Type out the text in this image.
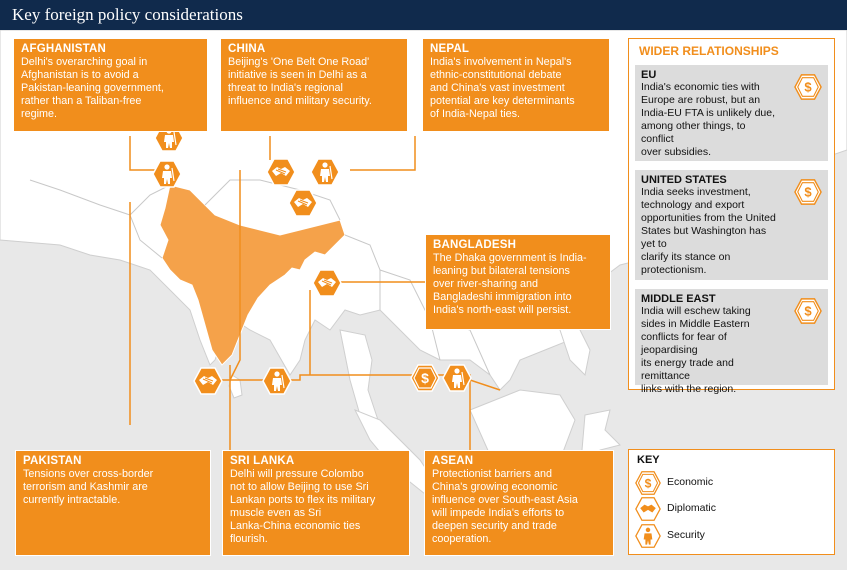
Key foreign policy considerations
AFGHANISTAN
Delhi's overarching goal in
Afghanistan is to avoid a
Pakistan-leaning government,
rather than a Taliban-free
regime.
CHINA
Beijing's 'One Belt One Road'
initiative is seen in Delhi as a
threat to India's regional
influence and military security.
NEPAL
India's involvement in Nepal's
ethnic-constitutional debate
and China's vast investment
potential are key determinants
of India-Nepal ties.
BANGLADESH
The Dhaka government is India-
leaning but bilateral tensions
over river-sharing and
Bangladeshi immigration into
India's north-east will persist.
PAKISTAN
Tensions over cross-border
terrorism and Kashmir are
currently intractable.
SRI LANKA
Delhi will pressure Colombo
not to allow Beijing to use Sri
Lankan ports to flex its military
muscle even as Sri
Lanka-China economic ties
flourish.
ASEAN
Protectionist barriers and
China's growing economic
influence over South-east Asia
will impede India's efforts to
deepen security and trade
cooperation.
WIDER RELATIONSHIPS
EU
India's economic ties with
Europe are robust, but an
India-EU FTA is unlikely due,
among other things, to conflict
over subsidies.
UNITED STATES
India seeks investment,
technology and export
opportunities from the United
States but Washington has yet to
clarify its stance on
protectionism.
MIDDLE EAST
India will eschew taking
sides in Middle Eastern
conflicts for fear of jeopardising
its energy trade and remittance
links with the region.
KEY
Economic
Diplomatic
Security
